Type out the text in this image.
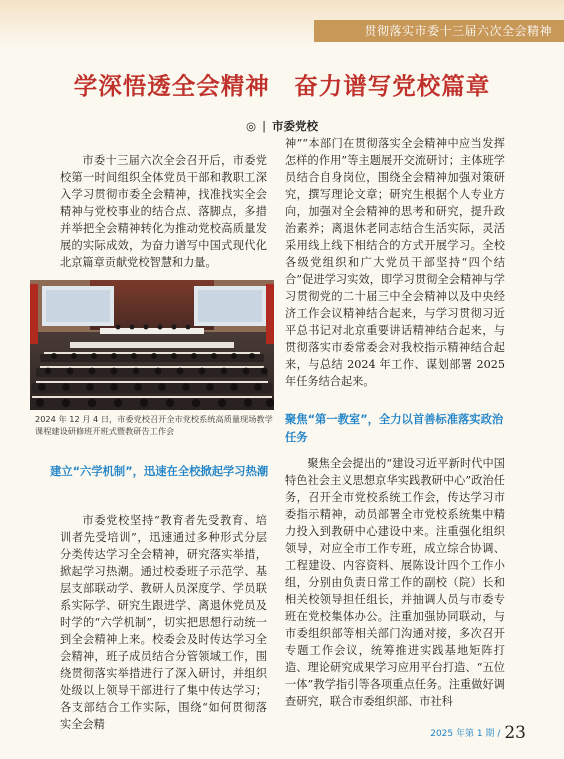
贯彻落实市委十三届六次全会精神
学深悟透全会精神　奋力谱写党校篇章
◎ | 市委党校

市委十三届六次全会召开后，市委党校第一时间组织全体党员干部和教职工深入学习贯彻市委全会精神，找准找实全会精神与党校事业的结合点、落脚点，多措并举把全会精神转化为推动党校高质量发展的实际成效，为奋力谱写中国式现代化北京篇章贡献党校智慧和力量。

2024 年 12 月 4 日，市委党校召开全市党校系统高质量现场教学课程建设研修班开班式暨教研告工作会
建立“六学机制”，迅速在全校掀起学习热潮

市委党校坚持“教育者先受教育、培训者先受培训”，迅速通过多种形式分层分类传达学习全会精神，研究落实举措，掀起学习热潮。通过校委班子示范学、基层支部联动学、教研人员深度学、学员联系实际学、研究生跟进学、离退休党员及时学的“六学机制”，切实把思想行动统一到全会精神上来。校委会及时传达学习全会精神，班子成员结合分管领域工作，围绕贯彻落实举措进行了深入研讨，并组织处级以上领导干部进行了集中传达学习；各支部结合工作实际，围绕“如何贯彻落实全会精

神”“本部门在贯彻落实全会精神中应当发挥怎样的作用”等主题展开交流研讨；主体班学员结合自身岗位，围绕全会精神加强对策研究，撰写理论文章；研究生根据个人专业方向，加强对全会精神的思考和研究，提升政治素养；离退休老同志结合生活实际，灵活采用线上线下相结合的方式开展学习。全校各级党组织和广大党员干部坚持“四个结合”促进学习实效，即学习贯彻全会精神与学习贯彻党的二十届三中全会精神以及中央经济工作会议精神结合起来，与学习贯彻习近平总书记对北京重要讲话精神结合起来，与贯彻落实市委常委会对我校指示精神结合起来，与总结 2024 年工作、谋划部署 2025 年任务结合起来。

聚焦“第一教室”，全力以首善标准落实政治任务

聚焦全会提出的“建设习近平新时代中国特色社会主义思想京华实践教研中心”政治任务，召开全市党校系统工作会，传达学习市委指示精神，动员部署全市党校系统集中精力投入到教研中心建设中来。注重强化组织领导，对应全市工作专班，成立综合协调、工程建设、内容资料、展陈设计四个工作小组，分别由负责日常工作的副校（院）长和相关校领导担任组长，并抽调人员与市委专班在党校集体办公。注重加强协同联动，与市委组织部等相关部门沟通对接，多次召开专题工作会议，统筹推进实践基地矩阵打造、理论研究成果学习应用平台打造、“五位一体”教学指引等各项重点任务。注重做好调查研究，联合市委组织部、市社科

2025 年第 1 期 / 23
